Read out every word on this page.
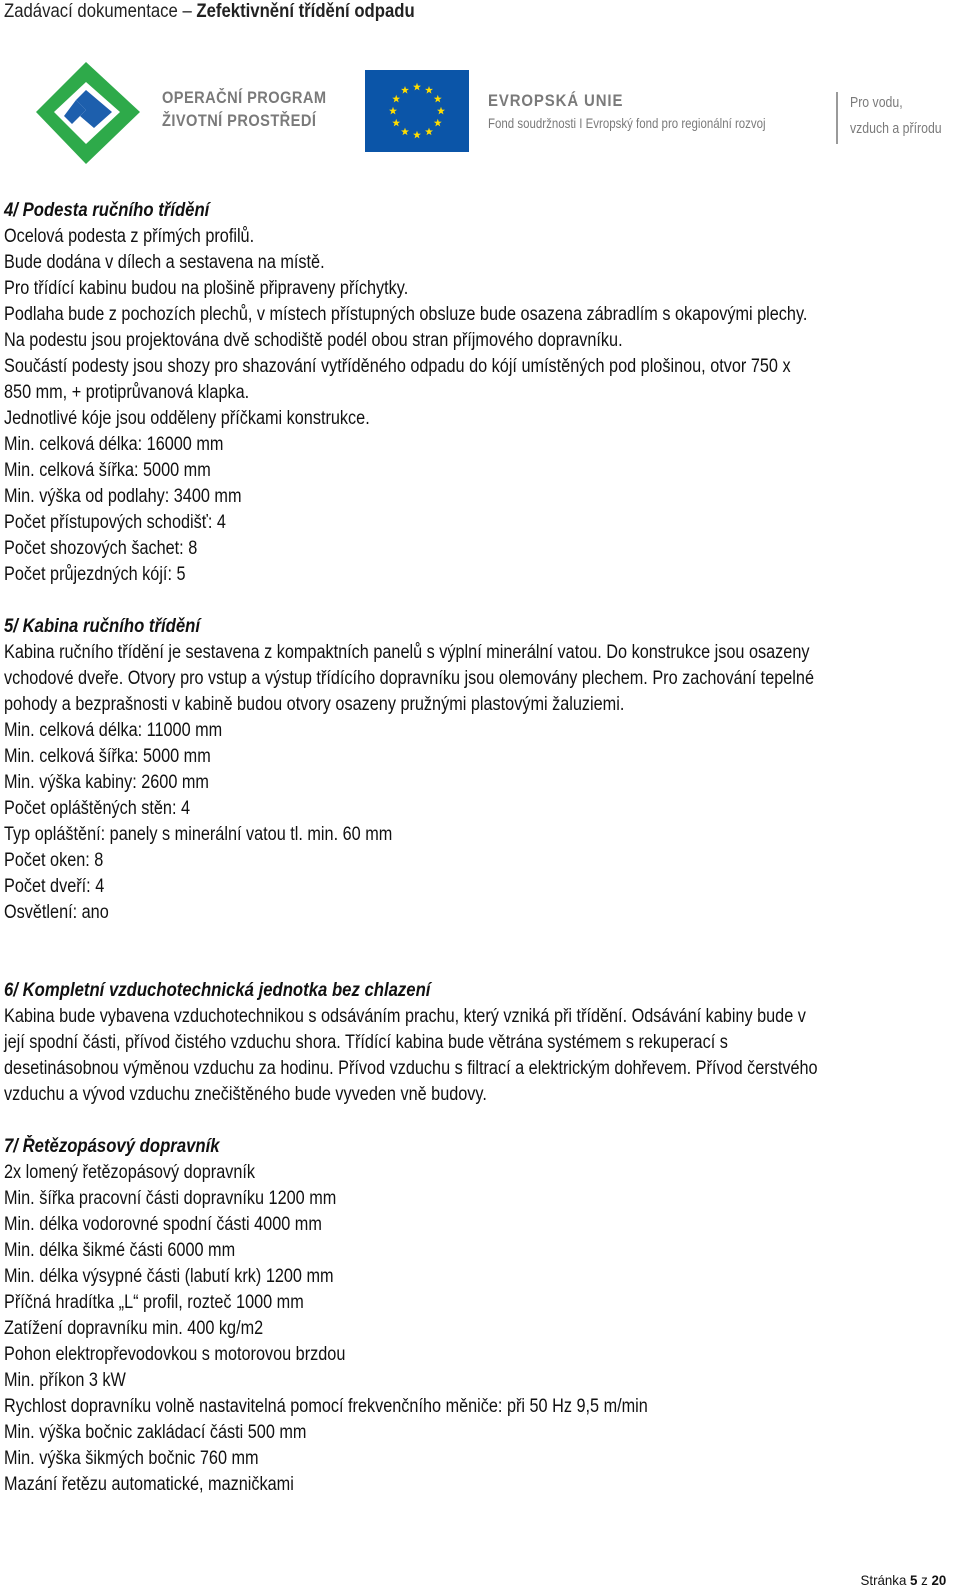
Zadávací dokumentace – Zefektivnění třídění odpadu
OPERAČNÍ PROGRAM
ŽIVOTNÍ PROSTŘEDÍ
EVROPSKÁ UNIE
Fond soudržnosti I Evropský fond pro regionální rozvoj
Pro vodu,
vzduch a přírodu
4/ Podesta ručního třídění
Ocelová podesta z přímých profilů.
Bude dodána v dílech a sestavena na místě.
Pro třídící kabinu budou na plošině připraveny příchytky.
Podlaha bude z pochozích plechů, v místech přístupných obsluze bude osazena zábradlím s okapovými plechy.
Na podestu jsou projektována dvě schodiště podél obou stran příjmového dopravníku.
Součástí podesty jsou shozy pro shazování vytříděného odpadu do kójí umístěných pod plošinou, otvor 750 x
850 mm, + protiprůvanová klapka.
Jednotlivé kóje jsou odděleny příčkami konstrukce.
Min. celková délka: 16000 mm
Min. celková šířka: 5000 mm
Min. výška od podlahy: 3400 mm
Počet přístupových schodišť: 4
Počet shozových šachet: 8
Počet průjezdných kójí: 5
5/ Kabina ručního třídění
Kabina ručního třídění je sestavena z kompaktních panelů s výplní minerální vatou. Do konstrukce jsou osazeny
vchodové dveře. Otvory pro vstup a výstup třídícího dopravníku jsou olemovány plechem. Pro zachování tepelné
pohody a bezprašnosti v kabině budou otvory osazeny pružnými plastovými žaluziemi.
Min. celková délka: 11000 mm
Min. celková šířka: 5000 mm
Min. výška kabiny: 2600 mm
Počet opláštěných stěn: 4
Typ opláštění: panely s minerální vatou tl. min. 60 mm
Počet oken: 8
Počet dveří: 4
Osvětlení: ano
6/ Kompletní vzduchotechnická jednotka bez chlazení
Kabina bude vybavena vzduchotechnikou s odsáváním prachu, který vzniká při třídění. Odsávání kabiny bude v
její spodní části, přívod čistého vzduchu shora. Třídící kabina bude větrána systémem s rekuperací s
desetinásobnou výměnou vzduchu za hodinu. Přívod vzduchu s filtrací a elektrickým dohřevem. Přívod čerstvého
vzduchu a vývod vzduchu znečištěného bude vyveden vně budovy.
7/ Řetězopásový dopravník
2x lomený řetězopásový dopravník
Min. šířka pracovní části dopravníku 1200 mm
Min. délka vodorovné spodní části 4000 mm
Min. délka šikmé části 6000 mm
Min. délka výsypné části (labutí krk) 1200 mm
Příčná hradítka „L“ profil, rozteč 1000 mm
Zatížení dopravníku min. 400 kg/m2
Pohon elektropřevodovkou s motorovou brzdou
Min. příkon 3 kW
Rychlost dopravníku volně nastavitelná pomocí frekvenčního měniče: při 50 Hz 9,5 m/min
Min. výška bočnic zakládací části 500 mm
Min. výška šikmých bočnic 760 mm
Mazání řetězu automatické, mazničkami
Stránka 5 z 20
